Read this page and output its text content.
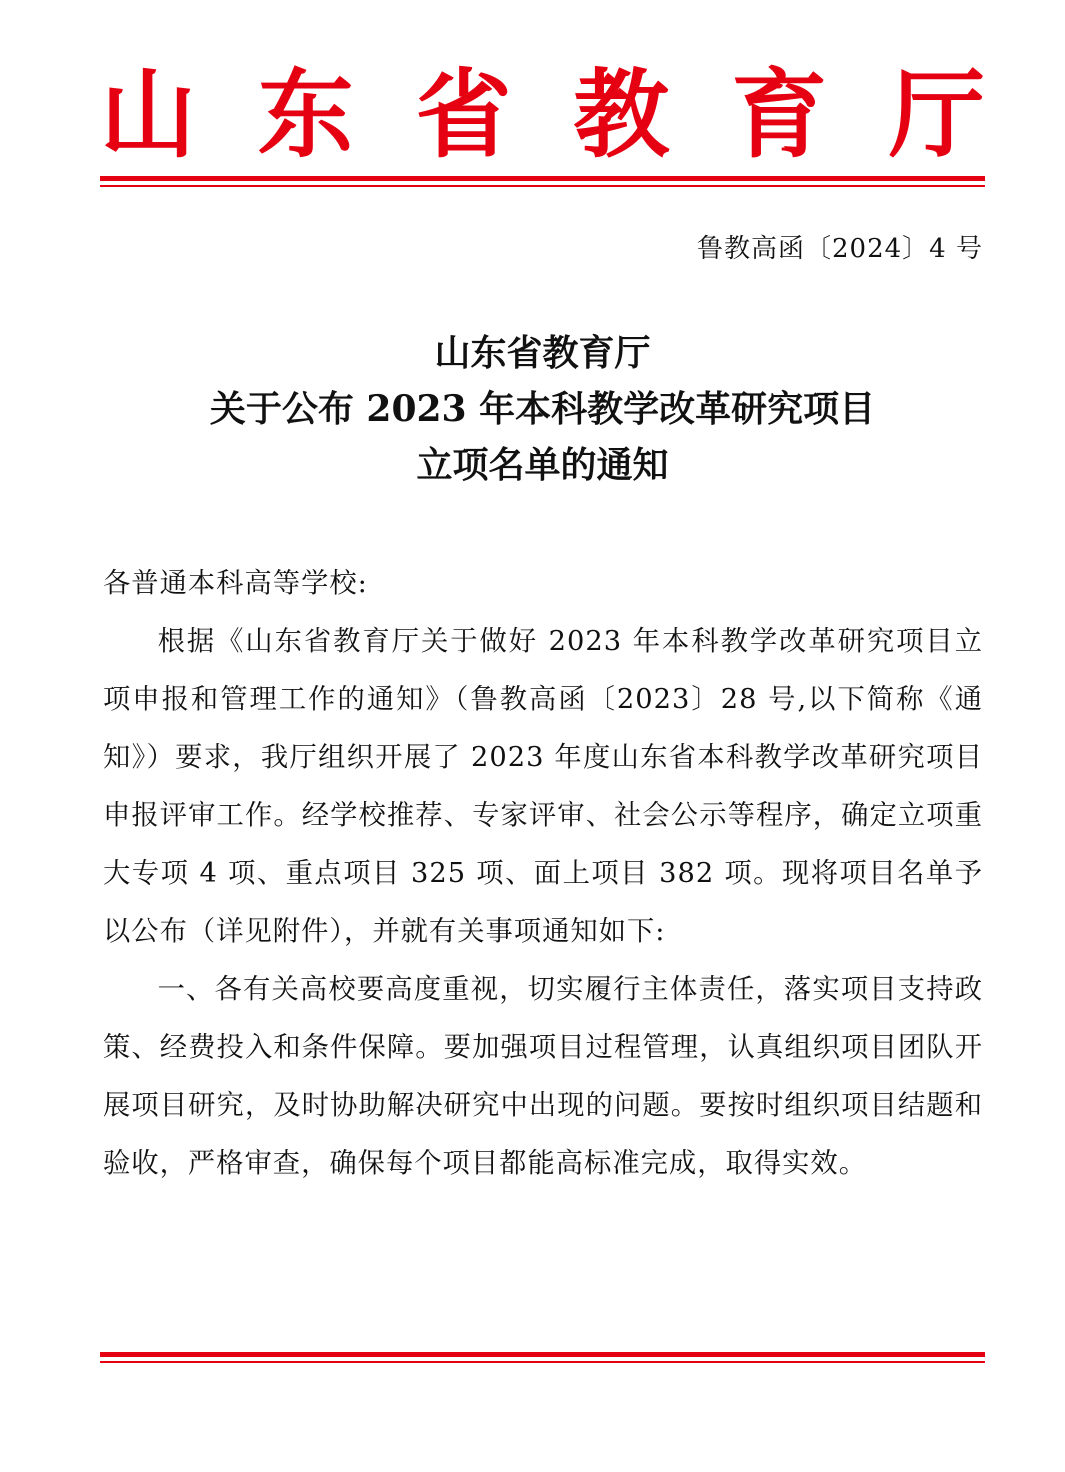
山 东 省 教 育 厅
鲁教高函〔2024〕4 号
山东省教育厅
关于公布 2023 年本科教学改革研究项目
立项名单的通知

各普通本科高等学校:

根据《山东省教育厅关于做好 2023 年本科教学改革研究项目立项申报和管理工作的通知》（鲁教高函〔2023〕28 号,以下简称《通知》）要求，我厅组织开展了 2023 年度山东省本科教学改革研究项目申报评审工作。经学校推荐、专家评审、社会公示等程序，确定立项重大专项 4 项、重点项目 325 项、面上项目 382 项。现将项目名单予以公布（详见附件），并就有关事项通知如下:

一、各有关高校要高度重视，切实履行主体责任，落实项目支持政策、经费投入和条件保障。要加强项目过程管理，认真组织项目团队开展项目研究，及时协助解决研究中出现的问题。要按时组织项目结题和验收，严格审查，确保每个项目都能高标准完成，取得实效。
